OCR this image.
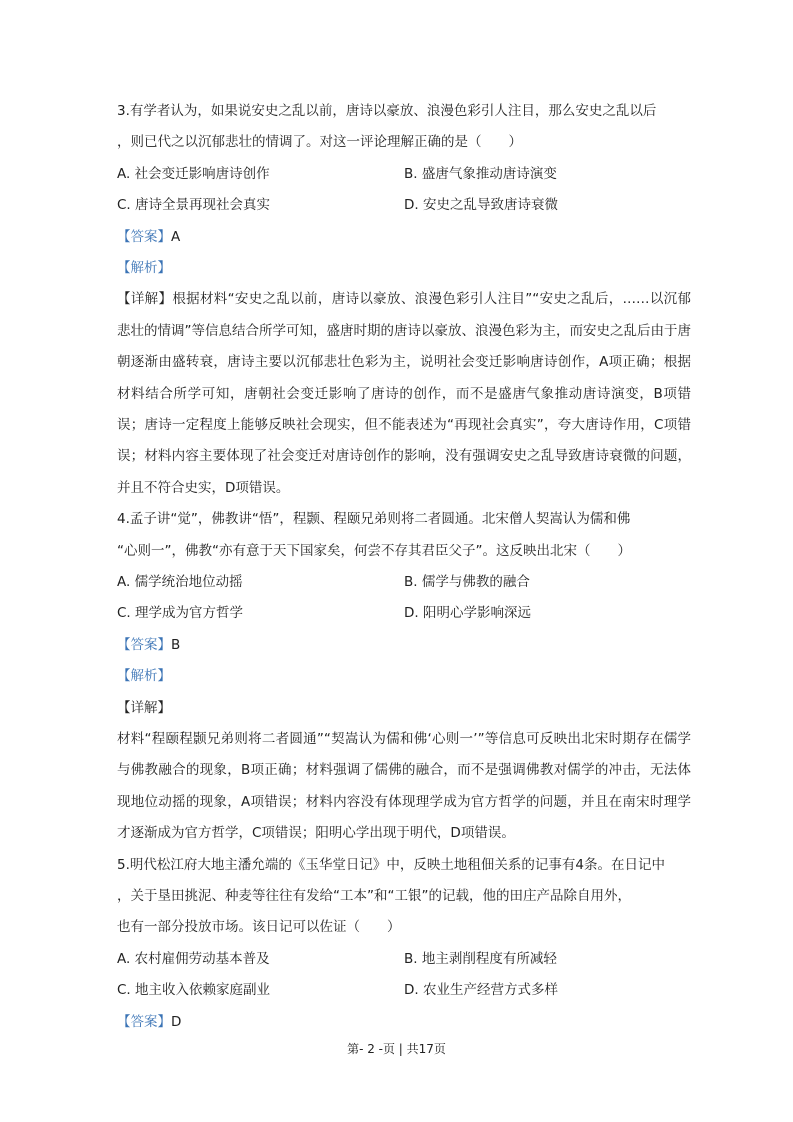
3.有学者认为，如果说安史之乱以前，唐诗以豪放、浪漫色彩引人注目，那么安史之乱以后
，则已代之以沉郁悲壮的情调了。对这一评论理解正确的是（　　）
A. 社会变迁影响唐诗创作	B. 盛唐气象推动唐诗演变
C. 唐诗全景再现社会真实	D. 安史之乱导致唐诗衰微
【答案】A
【解析】
【详解】根据材料“安史之乱以前，唐诗以豪放、浪漫色彩引人注目”“安史之乱后，……以沉郁悲壮的情调”等信息结合所学可知，盛唐时期的唐诗以豪放、浪漫色彩为主，而安史之乱后由于唐朝逐渐由盛转衰，唐诗主要以沉郁悲壮色彩为主，说明社会变迁影响唐诗创作，A项正确；根据材料结合所学可知，唐朝社会变迁影响了唐诗的创作，而不是盛唐气象推动唐诗演变，B项错误；唐诗一定程度上能够反映社会现实，但不能表述为“再现社会真实”，夸大唐诗作用，C项错误；材料内容主要体现了社会变迁对唐诗创作的影响，没有强调安史之乱导致唐诗衰微的问题，并且不符合史实，D项错误。
4.孟子讲“觉”，佛教讲“悟”，程颢、程颐兄弟则将二者圆通。北宋僧人契嵩认为儒和佛
“心则一”，佛教“亦有意于天下国家矣，何尝不存其君臣父子”。这反映出北宋（　　）
A. 儒学统治地位动摇	B. 儒学与佛教的融合
C. 理学成为官方哲学	D. 阳明心学影响深远
【答案】B
【解析】
【详解】
材料“程颐程颢兄弟则将二者圆通”“契嵩认为儒和佛‘心则一’”等信息可反映出北宋时期存在儒学与佛教融合的现象，B项正确；材料强调了儒佛的融合，而不是强调佛教对儒学的冲击，无法体现地位动摇的现象，A项错误；材料内容没有体现理学成为官方哲学的问题，并且在南宋时理学才逐渐成为官方哲学，C项错误；阳明心学出现于明代，D项错误。
5.明代松江府大地主潘允端的《玉华堂日记》中，反映土地租佃关系的记事有4条。在日记中
，关于垦田挑泥、种麦等往往有发给“工本”和“工银”的记载，他的田庄产品除自用外，
也有一部分投放市场。该日记可以佐证（　　）
A. 农村雇佣劳动基本普及	B. 地主剥削程度有所减轻
C. 地主收入依赖家庭副业	D. 农业生产经营方式多样
【答案】D
第- 2 -页 | 共17页
